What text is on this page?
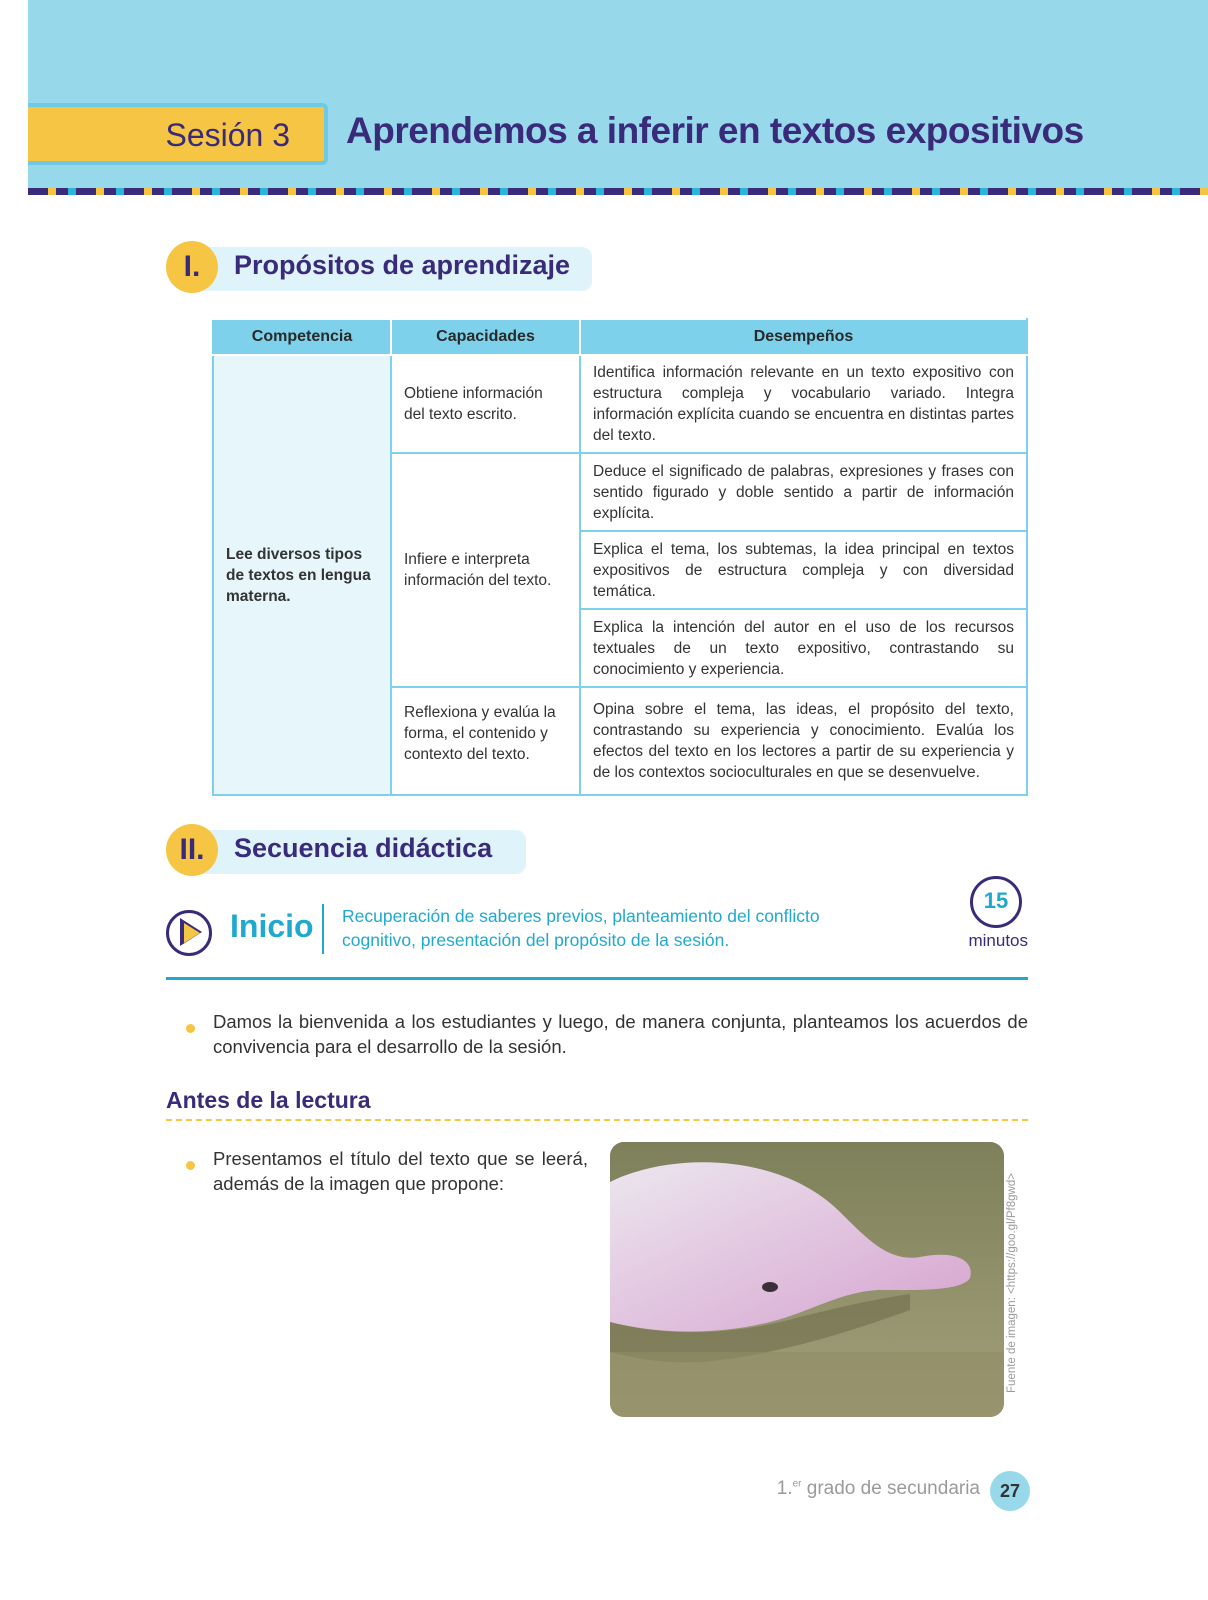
Sesión 3 Aprendemos a inferir en textos expositivos
I.	Propósitos de aprendizaje
Competencia	Capacidades	Desempeños
Lee diversos tipos de textos en lengua materna.	Obtiene información del texto escrito.	Identifica información relevante en un texto expositivo con estructura compleja y vocabulario variado. Integra información explícita cuando se encuentra en distintas partes del texto.
	Infiere e interpreta información del texto.	Deduce el significado de palabras, expresiones y frases con sentido figurado y doble sentido a partir de información explícita.
		Explica el tema, los subtemas, la idea principal en textos expositivos de estructura compleja y con diversidad temática.
		Explica la intención del autor en el uso de los recursos textuales de un texto expositivo, contrastando su conocimiento y experiencia.
	Reflexiona y evalúa la forma, el contenido y contexto del texto.	Opina sobre el tema, las ideas, el propósito del texto, contrastando su experiencia y conocimiento. Evalúa los efectos del texto en los lectores a partir de su experiencia y de los contextos socioculturales en que se desenvuelve.
II.	Secuencia didáctica
Inicio Recuperación de saberes previos, planteamiento del conflicto cognitivo, presentación del propósito de la sesión.
15
minutos
Damos la bienvenida a los estudiantes y luego, de manera conjunta, planteamos los acuerdos de convivencia para el desarrollo de la sesión.
Antes de la lectura
Presentamos el título del texto que se leerá, además de la imagen que propone:	Fuente de imagen: <https://goo.gl/Pf8gwd>
1.$^{er}$ grado de secundaria	27
